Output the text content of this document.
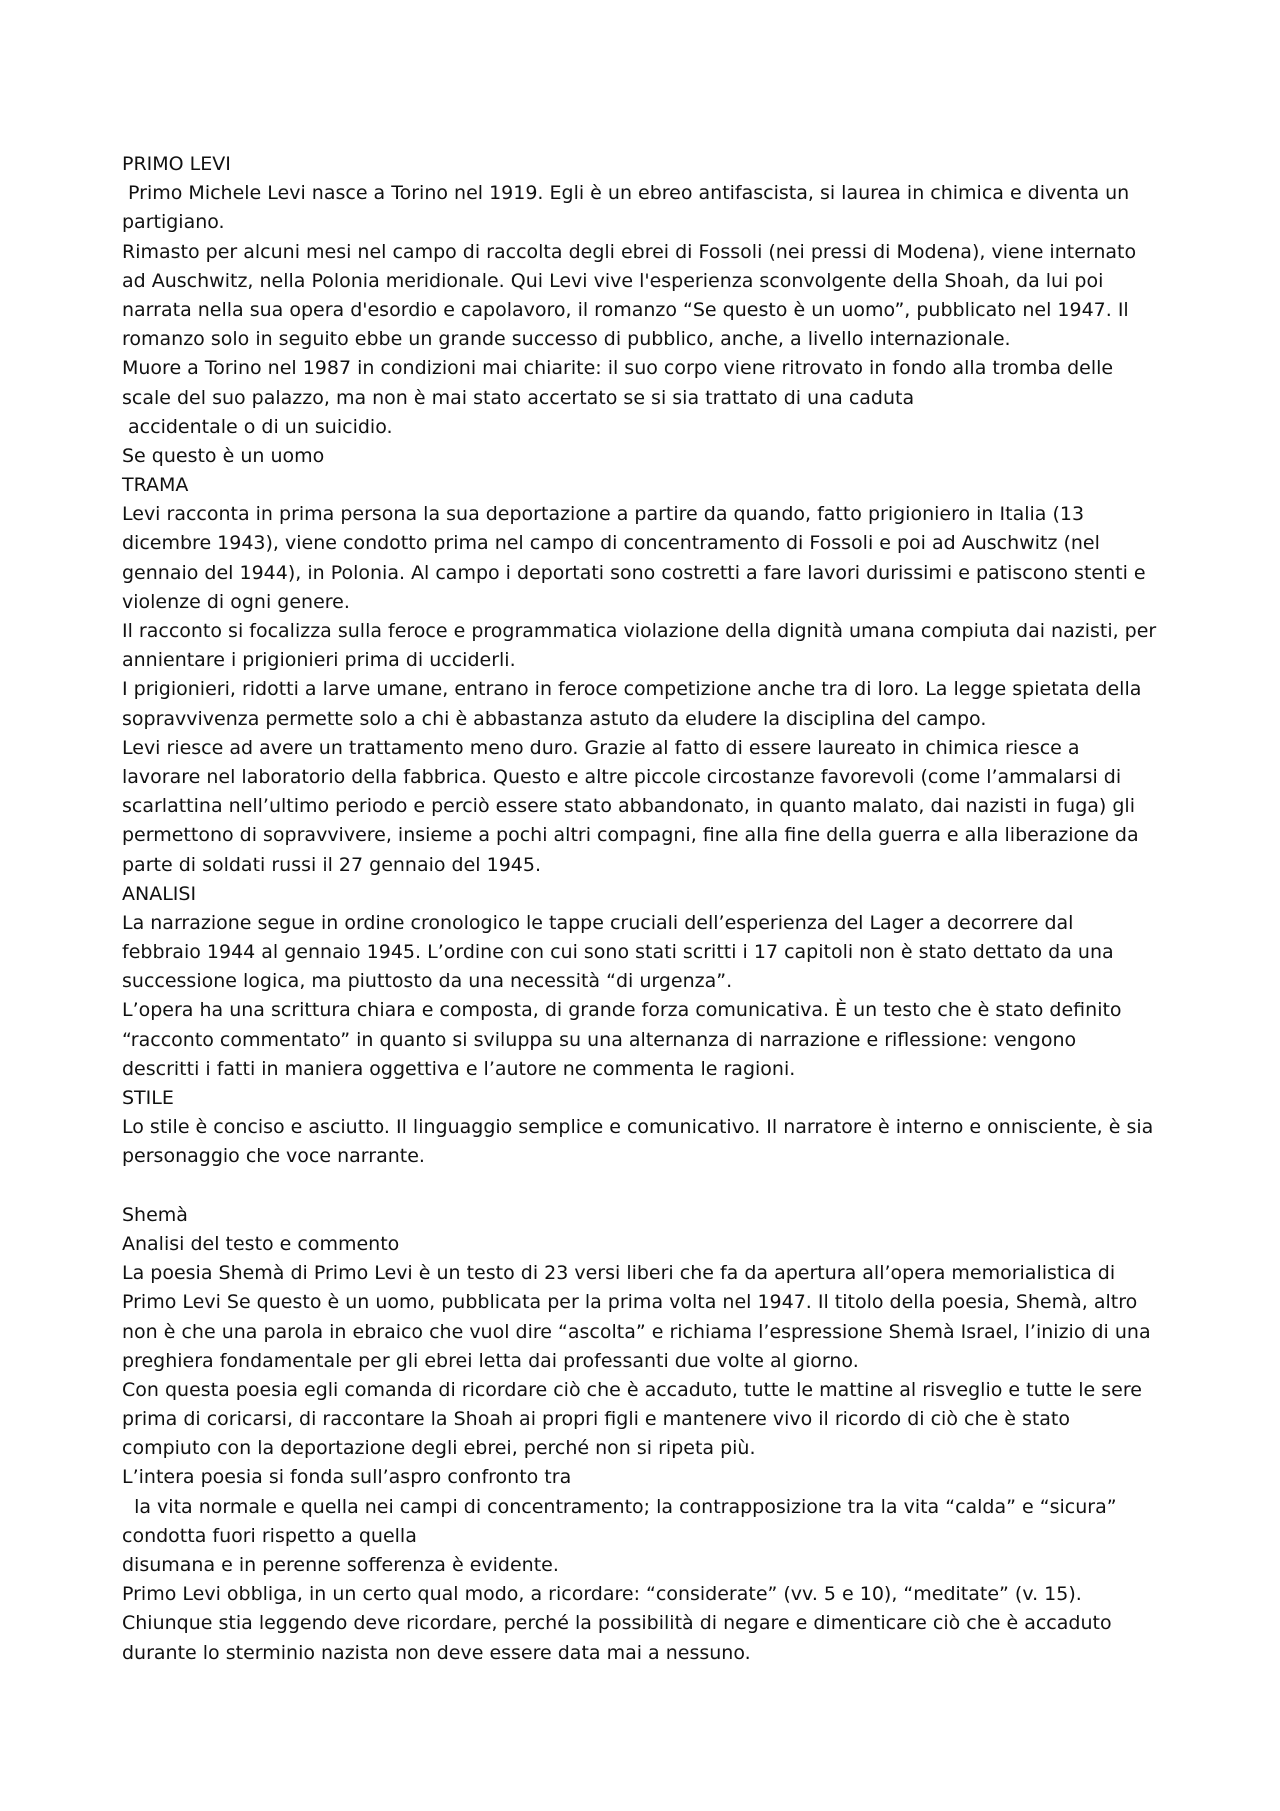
PRIMO LEVI
Primo Michele Levi nasce a Torino nel 1919. Egli è un ebreo antifascista, si laurea in chimica e diventa un
partigiano.
Rimasto per alcuni mesi nel campo di raccolta degli ebrei di Fossoli (nei pressi di Modena), viene internato
ad Auschwitz, nella Polonia meridionale. Qui Levi vive l'esperienza sconvolgente della Shoah, da lui poi
narrata nella sua opera d'esordio e capolavoro, il romanzo “Se questo è un uomo”, pubblicato nel 1947. Il
romanzo solo in seguito ebbe un grande successo di pubblico, anche, a livello internazionale.
Muore a Torino nel 1987 in condizioni mai chiarite: il suo corpo viene ritrovato in fondo alla tromba delle
scale del suo palazzo, ma non è mai stato accertato se si sia trattato di una caduta
accidentale o di un suicidio.
Se questo è un uomo
TRAMA
Levi racconta in prima persona la sua deportazione a partire da quando, fatto prigioniero in Italia (13
dicembre 1943), viene condotto prima nel campo di concentramento di Fossoli e poi ad Auschwitz (nel
gennaio del 1944), in Polonia. Al campo i deportati sono costretti a fare lavori durissimi e patiscono stenti e
violenze di ogni genere.
Il racconto si focalizza sulla feroce e programmatica violazione della dignità umana compiuta dai nazisti, per
annientare i prigionieri prima di ucciderli.
I prigionieri, ridotti a larve umane, entrano in feroce competizione anche tra di loro. La legge spietata della
sopravvivenza permette solo a chi è abbastanza astuto da eludere la disciplina del campo.
Levi riesce ad avere un trattamento meno duro. Grazie al fatto di essere laureato in chimica riesce a
lavorare nel laboratorio della fabbrica. Questo e altre piccole circostanze favorevoli (come l’ammalarsi di
scarlattina nell’ultimo periodo e perciò essere stato abbandonato, in quanto malato, dai nazisti in fuga) gli
permettono di sopravvivere, insieme a pochi altri compagni, fine alla fine della guerra e alla liberazione da
parte di soldati russi il 27 gennaio del 1945.
ANALISI
La narrazione segue in ordine cronologico le tappe cruciali dell’esperienza del Lager a decorrere dal
febbraio 1944 al gennaio 1945. L’ordine con cui sono stati scritti i 17 capitoli non è stato dettato da una
successione logica, ma piuttosto da una necessità “di urgenza”.
L’opera ha una scrittura chiara e composta, di grande forza comunicativa. È un testo che è stato definito
“racconto commentato” in quanto si sviluppa su una alternanza di narrazione e riflessione: vengono
descritti i fatti in maniera oggettiva e l’autore ne commenta le ragioni.
STILE
Lo stile è conciso e asciutto. Il linguaggio semplice e comunicativo. Il narratore è interno e onnisciente, è sia
personaggio che voce narrante.
Shemà
Analisi del testo e commento
La poesia Shemà di Primo Levi è un testo di 23 versi liberi che fa da apertura all’opera memorialistica di
Primo Levi Se questo è un uomo, pubblicata per la prima volta nel 1947. Il titolo della poesia, Shemà, altro
non è che una parola in ebraico che vuol dire “ascolta” e richiama l’espressione Shemà Israel, l’inizio di una
preghiera fondamentale per gli ebrei letta dai professanti due volte al giorno.
Con questa poesia egli comanda di ricordare ciò che è accaduto, tutte le mattine al risveglio e tutte le sere
prima di coricarsi, di raccontare la Shoah ai propri figli e mantenere vivo il ricordo di ciò che è stato
compiuto con la deportazione degli ebrei, perché non si ripeta più.
L’intera poesia si fonda sull’aspro confronto tra
la vita normale e quella nei campi di concentramento; la contrapposizione tra la vita “calda” e “sicura”
condotta fuori rispetto a quella
disumana e in perenne sofferenza è evidente.
Primo Levi obbliga, in un certo qual modo, a ricordare: “considerate” (vv. 5 e 10), “meditate” (v. 15).
Chiunque stia leggendo deve ricordare, perché la possibilità di negare e dimenticare ciò che è accaduto
durante lo sterminio nazista non deve essere data mai a nessuno.
